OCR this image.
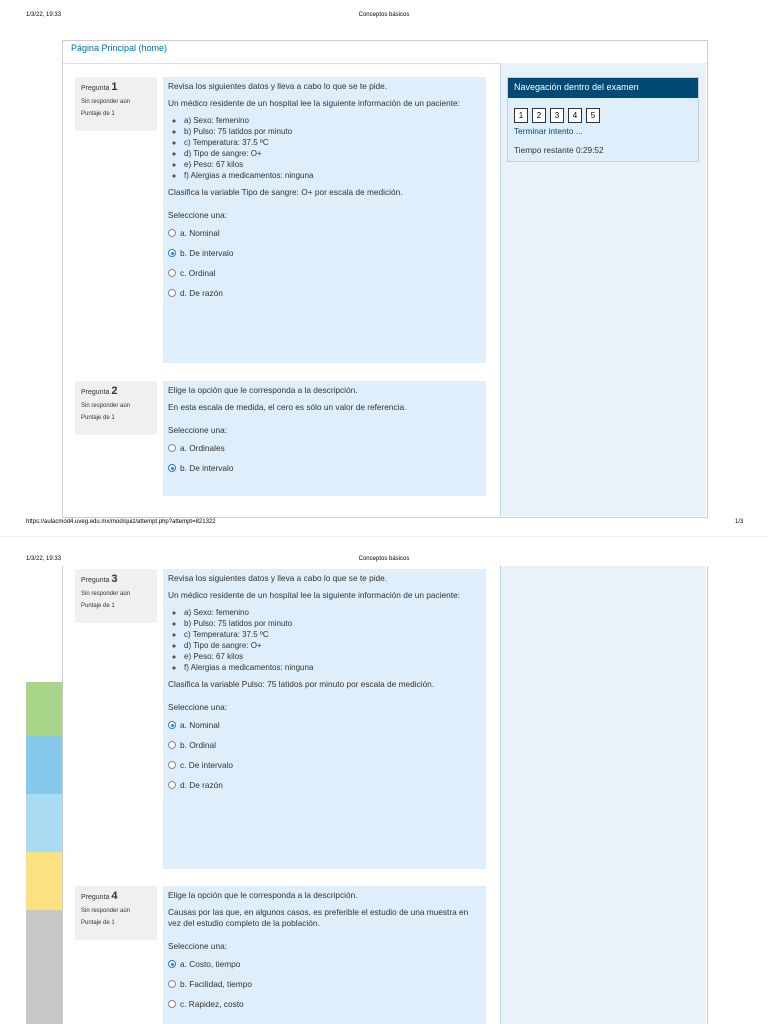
1/3/22, 19:33	Conceptos básicos
Página Principal (home)
Navegación dentro del examen
1	2	3	4	5
Terminar intento ...
Tiempo restante 0:29:52
Pregunta 1
Sin responder aún
Puntaje de 1

Revisa los siguientes datos y lleva a cabo lo que se te pide.

Un médico residente de un hospital lee la siguiente información de un paciente:

◦ a) Sexo: femenino
◦ b) Pulso: 75 latidos por minuto
◦ c) Temperatura: 37.5 ºC
◦ d) Tipo de sangre: O+
◦ e) Peso: 67 kilos
◦ f) Alergias a medicamentos: ninguna

Clasifica la variable Tipo de sangre: O+ por escala de medición.

Seleccione una:
a. Nominal
b. De intervalo
c. Ordinal
d. De razón
Pregunta 2
Sin responder aún
Puntaje de 1

Elige la opción que le corresponda a la descripción.

En esta escala de medida, el cero es sólo un valor de referencia.

Seleccione una:
a. Ordinales
b. De intervalo
https://aulacmod4.uveg.edu.mx/mod/quiz/attempt.php?attempt=821322	1/3
1/3/22, 19:33	Conceptos básicos
Pregunta 3
Sin responder aún
Puntaje de 1

Revisa los siguientes datos y lleva a cabo lo que se te pide.

Un médico residente de un hospital lee la siguiente información de un paciente:

◦ a) Sexo: femenino
◦ b) Pulso: 75 latidos por minuto
◦ c) Temperatura: 37.5 ºC
◦ d) Tipo de sangre: O+
◦ e) Peso: 67 kilos
◦ f) Alergias a medicamentos: ninguna

Clasifica la variable Pulso: 75 latidos por minuto por escala de medición.

Seleccione una:
a. Nominal
b. Ordinal
c. De intervalo
d. De razón
Pregunta 4
Sin responder aún
Puntaje de 1

Elige la opción que le corresponda a la descripción.

Causas por las que, en algunos casos, es preferible el estudio de una muestra en vez del estudio completo de la población.

Seleccione una:
a. Costo, tiempo
b. Facilidad, tiempo
c. Rapidez, costo
